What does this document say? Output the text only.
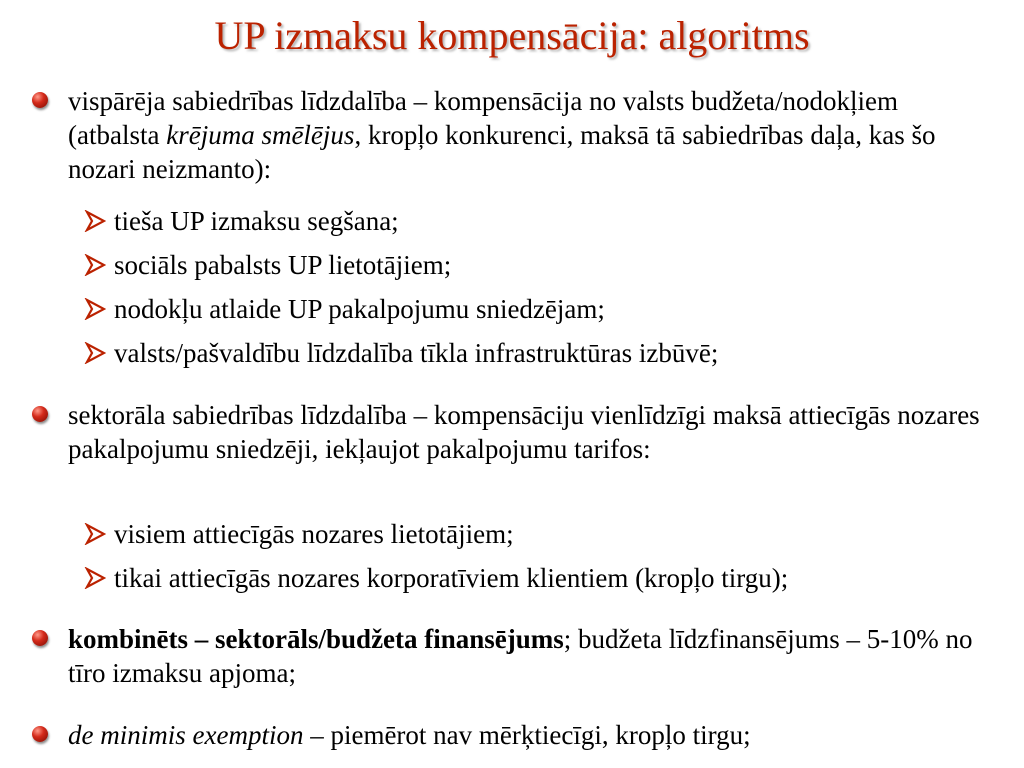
UP izmaksu kompensācija: algoritms
vispārēja sabiedrības līdzdalība – kompensācija no valsts budžeta/nodokļiem (atbalsta krējuma smēlējus, kropļo konkurenci, maksā tā sabiedrības daļa, kas šo nozari neizmanto):
tieša UP izmaksu segšana;
sociāls pabalsts UP lietotājiem;
nodokļu atlaide UP pakalpojumu sniedzējam;
valsts/pašvaldību līdzdalība tīkla infrastruktūras izbūvē;
sektorāla sabiedrības līdzdalība – kompensāciju vienlīdzīgi maksā attiecīgās nozares pakalpojumu sniedzēji, iekļaujot pakalpojumu tarifos:
visiem attiecīgās nozares lietotājiem;
tikai attiecīgās nozares korporatīviem klientiem (kropļo tirgu);
kombinēts – sektorāls/budžeta finansējums; budžeta līdzfinansējums – 5-10% no tīro izmaksu apjoma;
de minimis exemption – piemērot nav mērķtiecīgi, kropļo tirgu;
